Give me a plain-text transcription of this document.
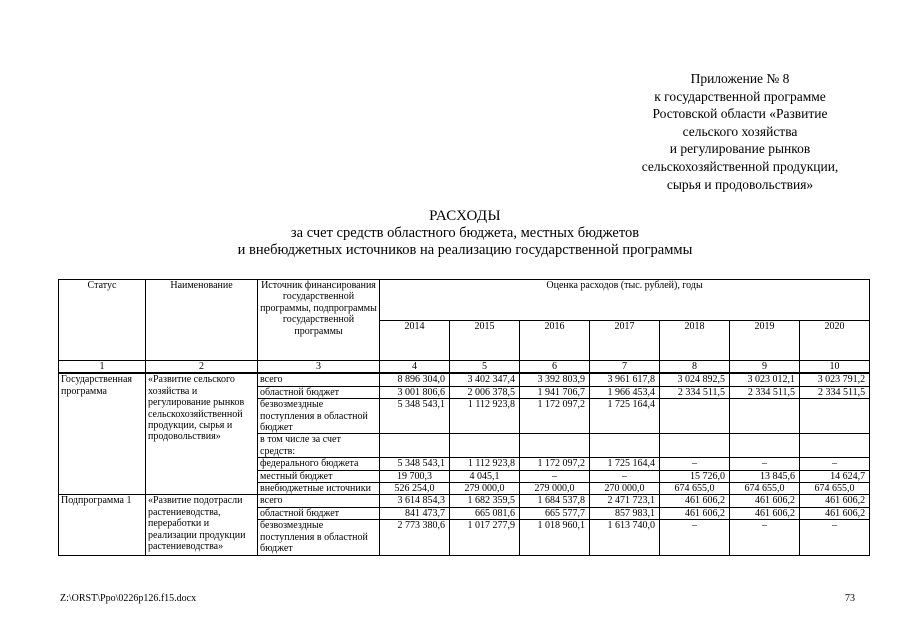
Приложение № 8
к государственной программе
Ростовской области «Развитие
сельского хозяйства
и регулирование рынков
сельскохозяйственной продукции,
сырья и продовольствия»
РАСХОДЫ
за счет средств областного бюджета, местных бюджетов
и внебюджетных источников на реализацию государственной программы
Статус	Наименование	Источник финансирования государственной программы, подпрограммы государственной программы	Оценка расходов (тыс. рублей), годы						
			2014	2015	2016	2017	2018	2019	2020
1	2	3	4	5	6	7	8	9	10
Государственная программа	«Развитие сельского хозяйства и регулирование рынков сельскохозяйственной продукции, сырья и продовольствия»	всего	8 896 304,0	3 402 347,4	3 392 803,9	3 961 617,8	3 024 892,5	3 023 012,1	3 023 791,2
		областной бюджет	3 001 806,6	2 006 378,5	1 941 706,7	1 966 453,4	2 334 511,5	2 334 511,5	2 334 511,5
		безвозмездные поступления в областной бюджет	5 348 543,1	1 112 923,8	1 172 097,2	1 725 164,4			
		в том числе за счет средств:							
		федерального бюджета	5 348 543,1	1 112 923,8	1 172 097,2	1 725 164,4	–	–	–
		местный бюджет	19 700,3	4 045,1	–	–	15 726,0	13 845,6	14 624,7
		внебюджетные источники	526 254,0	279 000,0	279 000,0	270 000,0	674 655,0	674 655,0	674 655,0
Подпрограмма 1	«Развитие подотрасли растениеводства, переработки и реализации продукции растениеводства»	всего	3 614 854,3	1 682 359,5	1 684 537,8	2 471 723,1	461 606,2	461 606,2	461 606,2
		областной бюджет	841 473,7	665 081,6	665 577,7	857 983,1	461 606,2	461 606,2	461 606,2
		безвозмездные поступления в областной бюджет	2 773 380,6	1 017 277,9	1 018 960,1	1 613 740,0	–	–	–
Z:\ORST\Ppo\0226p126.f15.docx	73
